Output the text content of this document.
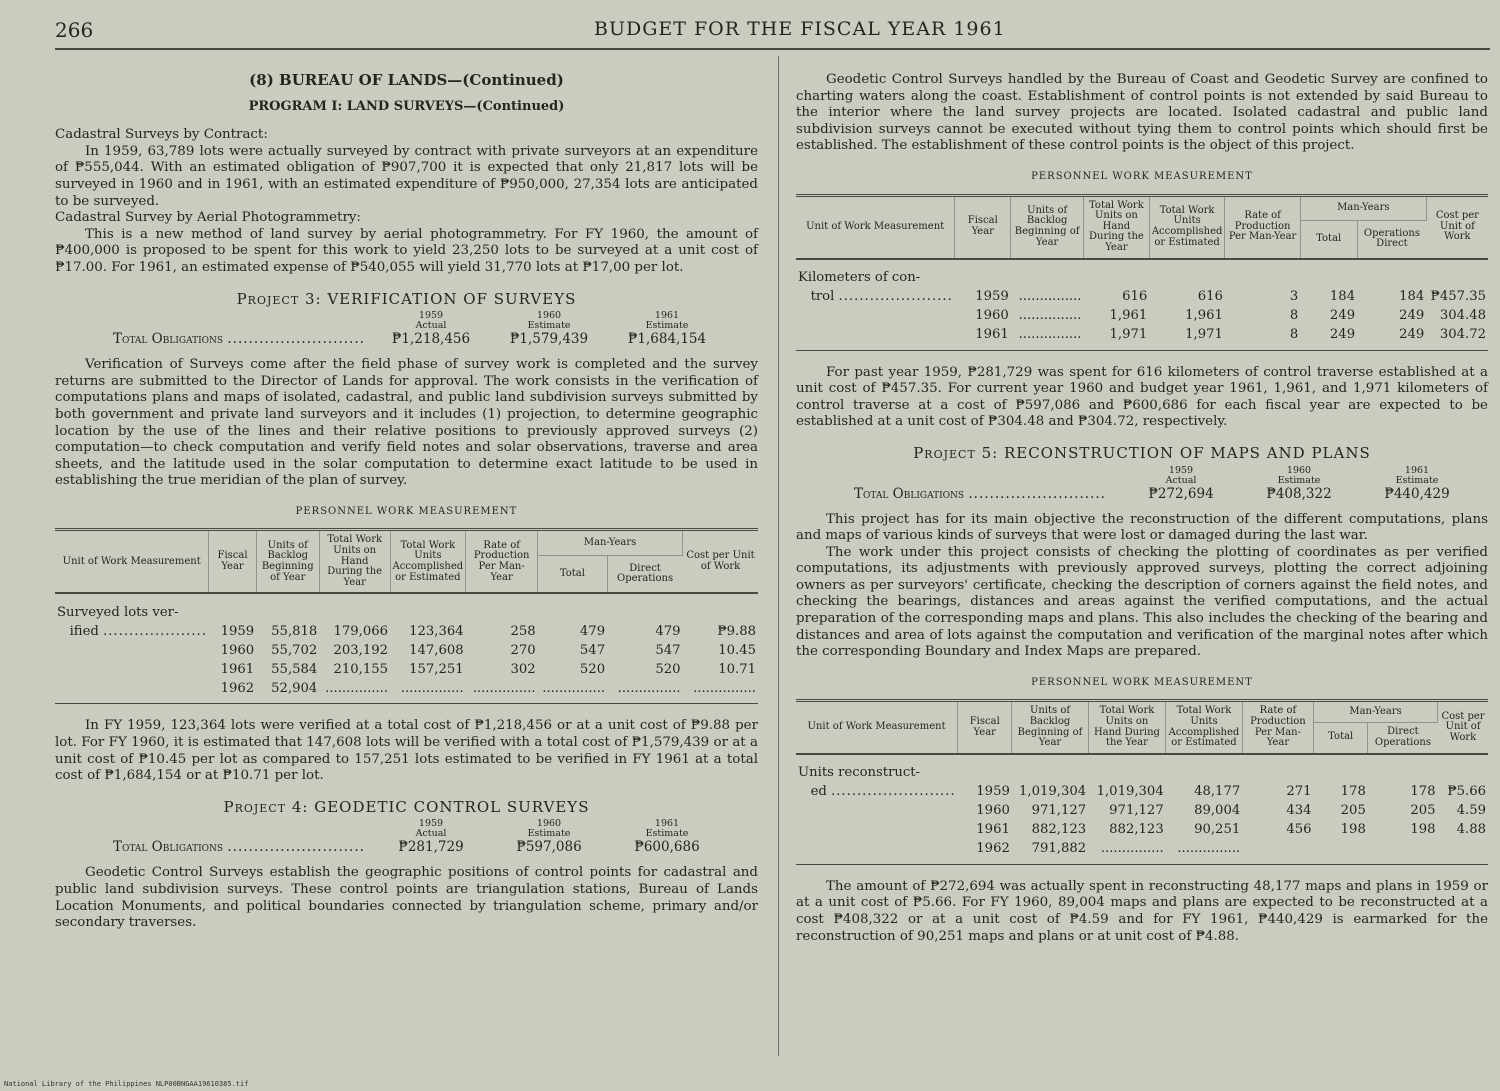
266	BUDGET FOR THE FISCAL YEAR 1961
(8) BUREAU OF LANDS—(Continued)
PROGRAM I: LAND SURVEYS—(Continued)

Cadastral Surveys by Contract:

In 1959, 63,789 lots were actually surveyed by contract with private surveyors at an expenditure of ₱555,044. With an estimated obligation of ₱907,700 it is expected that only 21,817 lots will be surveyed in 1960 and in 1961, with an estimated expenditure of ₱950,000, 27,354 lots are anticipated to be surveyed.

Cadastral Survey by Aerial Photogrammetry:

This is a new method of land survey by aerial photogrammetry. For FY 1960, the amount of ₱400,000 is proposed to be spent for this work to yield 23,250 lots to be surveyed at a unit cost of ₱17.00. For 1961, an estimated expense of ₱540,055 will yield 31,770 lots at ₱17,00 per lot.

Project 3: VERIFICATION OF SURVEYS
Total Obligations ..........................
1959
Actual
1960
Estimate
1961
Estimate
₱1,218,456	₱1,579,439	₱1,684,154

Verification of Surveys come after the field phase of survey work is completed and the survey returns are submitted to the Director of Lands for approval. The work consists in the verification of computations plans and maps of isolated, cadastral, and public land subdivision surveys submitted by both government and private land surveyors and it includes (1) projection, to determine geographic location by the use of the lines and their relative positions to previously approved surveys (2) computation—to check computation and verify field notes and solar observations, traverse and area sheets, and the latitude used in the solar computation to determine exact latitude to be used in establishing the true meridian of the plan of survey.

PERSONNEL WORK MEASUREMENT
Unit of Work Measurement	Fiscal Year	Units of Backlog Beginning of Year	Total Work Units on Hand During the Year	Total Work Units Accomplished or Estimated	Rate of Production Per Man-Year	Man-Years		Cost per Unit of Work
						Total	Direct Operations	
Surveyed lots ver-								
ified ....................	1959	55,818	179,066	123,364	258	479	479	₱9.88
	1960	55,702	203,192	147,608	270	547	547	10.45
	1961	55,584	210,155	157,251	302	520	520	10.71
	1962	52,904	...............	...............	...............	...............	...............	...............

In FY 1959, 123,364 lots were verified at a total cost of ₱1,218,456 or at a unit cost of ₱9.88 per lot. For FY 1960, it is estimated that 147,608 lots will be verified with a total cost of ₱1,579,439 or at a unit cost of ₱10.45 per lot as compared to 157,251 lots estimated to be verified in FY 1961 at a total cost of ₱1,684,154 or at ₱10.71 per lot.

Project 4: GEODETIC CONTROL SURVEYS
Total Obligations ..........................
1959
Actual
1960
Estimate
1961
Estimate
₱281,729	₱597,086	₱600,686

Geodetic Control Surveys establish the geographic positions of control points for cadastral and public land subdivision surveys. These control points are triangulation stations, Bureau of Lands Location Monuments, and political boundaries connected by triangulation scheme, primary and/or secondary traverses.

Geodetic Control Surveys handled by the Bureau of Coast and Geodetic Survey are confined to charting waters along the coast. Establishment of control points is not extended by said Bureau to the interior where the land survey projects are located. Isolated cadastral and public land subdivision surveys cannot be executed without tying them to control points which should first be established. The establishment of these control points is the object of this project.

PERSONNEL WORK MEASUREMENT
Unit of Work Measurement	Fiscal Year	Units of Backlog Beginning of Year	Total Work Units on Hand During the Year	Total Work Units Accomplished or Estimated	Rate of Production Per Man-Year	Man-Years		Cost per Unit of Work
						Total	Operations Direct	
Kilometers of con-								
trol ......................	1959	...............	616	616	3	184	184	₱457.35
	1960	...............	1,961	1,961	8	249	249	304.48
	1961	...............	1,971	1,971	8	249	249	304.72

For past year 1959, ₱281,729 was spent for 616 kilometers of control traverse established at a unit cost of ₱457.35. For current year 1960 and budget year 1961, 1,961, and 1,971 kilometers of control traverse at a cost of ₱597,086 and ₱600,686 for each fiscal year are expected to be established at a unit cost of ₱304.48 and ₱304.72, respectively.

Project 5: RECONSTRUCTION OF MAPS AND PLANS
Total Obligations ..........................
1959
Actual
1960
Estimate
1961
Estimate
₱272,694	₱408,322	₱440,429

This project has for its main objective the reconstruction of the different computations, plans and maps of various kinds of surveys that were lost or damaged during the last war.

The work under this project consists of checking the plotting of coordinates as per verified computations, its adjustments with previously approved surveys, plotting the correct adjoining owners as per surveyors' certificate, checking the description of corners against the field notes, and checking the bearings, distances and areas against the verified computations, and the actual preparation of the corresponding maps and plans. This also includes the checking of the bearing and distances and area of lots against the computation and verification of the marginal notes after which the corresponding Boundary and Index Maps are prepared.

PERSONNEL WORK MEASUREMENT
Unit of Work Measurement	Fiscal Year	Units of Backlog Beginning of Year	Total Work Units on Hand During the Year	Total Work Units Accomplished or Estimated	Rate of Production Per Man-Year	Man-Years		Cost per Unit of Work
						Total	Direct Operations	
Units reconstruct-								
ed ........................	1959	1,019,304	1,019,304	48,177	271	178	178	₱5.66
	1960	971,127	971,127	89,004	434	205	205	4.59
	1961	882,123	882,123	90,251	456	198	198	4.88
	1962	791,882	...............	...............				

The amount of ₱272,694 was actually spent in reconstructing 48,177 maps and plans in 1959 or at a unit cost of ₱5.66. For FY 1960, 89,004 maps and plans are expected to be reconstructed at a cost ₱408,322 or at a unit cost of ₱4.59 and for FY 1961, ₱440,429 is earmarked for the reconstruction of 90,251 maps and plans or at unit cost of ₱4.88.

National Library of the Philippines NLP00BNGAA19610385.tif
